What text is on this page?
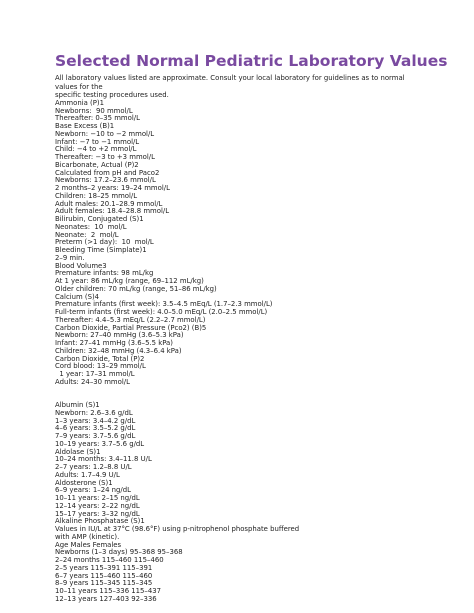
Selected Normal Pediatric Laboratory Values
All laboratory values listed are approximate. Consult your local laboratory for guidelines as to normal
values for the
specific testing procedures used.
Ammonia (P)1
Newborns:  90 mmol/L
Thereafter: 0–35 mmol/L
Base Excess (B)1
Newborn: −10 to −2 mmol/L
Infant: −7 to −1 mmol/L
Child: −4 to +2 mmol/L
Thereafter: −3 to +3 mmol/L
Bicarbonate, Actual (P)2
Calculated from pH and Paco2
Newborns: 17.2–23.6 mmol/L
2 months–2 years: 19–24 mmol/L
Children: 18–25 mmol/L
Adult males: 20.1–28.9 mmol/L
Adult females: 18.4–28.8 mmol/L
Bilirubin, Conjugated (S)1
Neonates:  10  mol/L
Neonate:  2  mol/L
Preterm (>1 day):  10  mol/L
Bleeding Time (Simplate)1
2–9 min.
Blood Volume3
Premature infants: 98 mL/kg
At 1 year: 86 mL/kg (range, 69–112 mL/kg)
Older children: 70 mL/kg (range, 51–86 mL/kg)
Calcium (S)4
Premature infants (first week): 3.5–4.5 mEq/L (1.7–2.3 mmol/L)
Full-term infants (first week): 4.0–5.0 mEq/L (2.0–2.5 mmol/L)
Thereafter: 4.4–5.3 mEq/L (2.2–2.7 mmol/L)
Carbon Dioxide, Partial Pressure (Pco2) (B)5
Newborn: 27–40 mmHg (3.6–5.3 kPa)
Infant: 27–41 mmHg (3.6–5.5 kPa)
Children: 32–48 mmHg (4.3–6.4 kPa)
Carbon Dioxide, Total (P)2
Cord blood: 13–29 mmol/L
1 year: 17–31 mmol/L
Adults: 24–30 mmol/L
Albumin (S)1
Newborn: 2.6–3.6 g/dL
1–3 years: 3.4–4.2 g/dL
4–6 years: 3.5–5.2 g/dL
7–9 years: 3.7–5.6 g/dL
10–19 years: 3.7–5.6 g/dL
Aldolase (S)1
10–24 months: 3.4–11.8 U/L
2–7 years: 1.2–8.8 U/L
Adults: 1.7–4.9 U/L
Aldosterone (S)1
6–9 years: 1–24 ng/dL
10–11 years: 2–15 ng/dL
12–14 years: 2–22 ng/dL
15–17 years: 3–32 ng/dL
Alkaline Phosphatase (S)1
Values in IU/L at 37°C (98.6°F) using p-nitrophenol phosphate buffered
with AMP (kinetic).
Age Males Females
Newborns (1–3 days) 95–368 95–368
2–24 months 115–460 115–460
2–5 years 115–391 115–391
6–7 years 115–460 115–460
8–9 years 115–345 115–345
10–11 years 115–336 115–437
12–13 years 127–403 92–336
